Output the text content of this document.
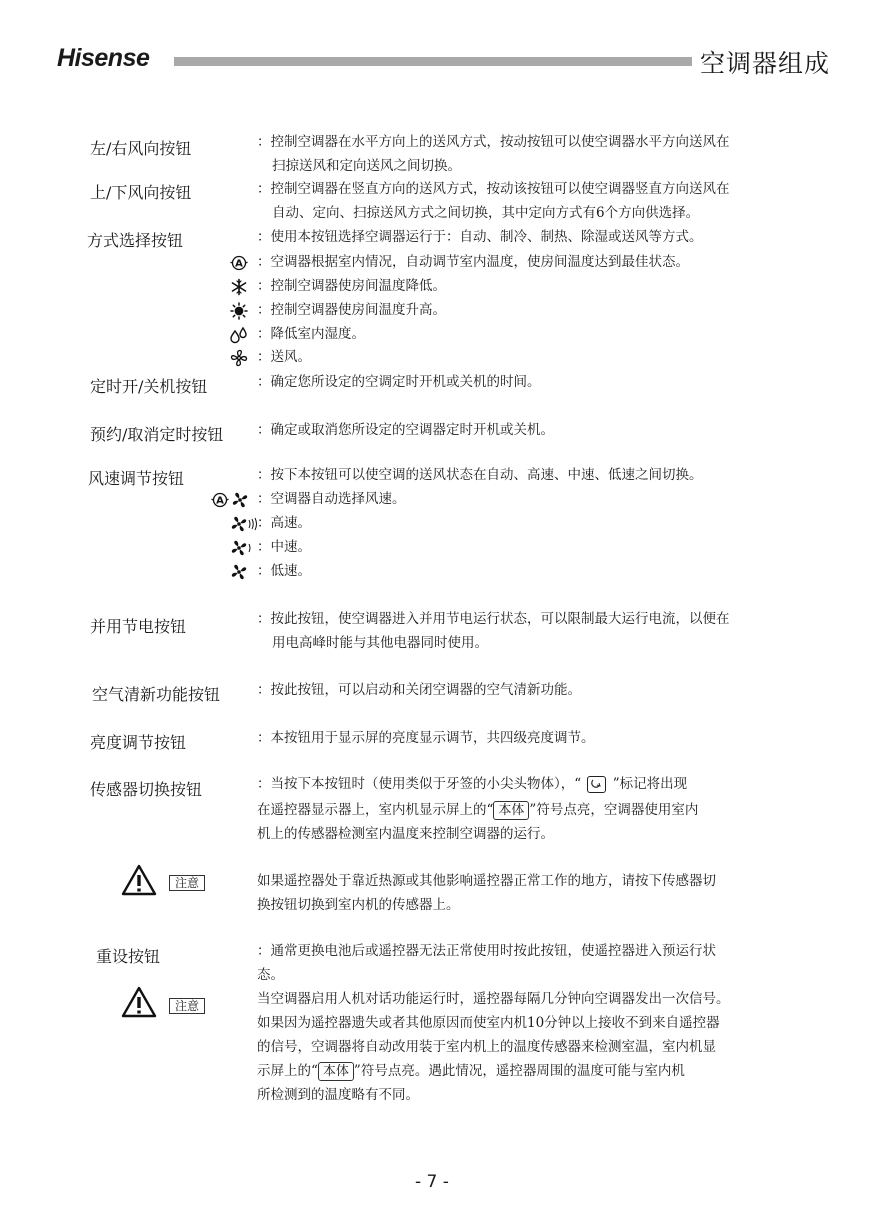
Hisense	空调器组成
左/右风向按钮	：控制空调器在水平方向上的送风方式，按动按钮可以使空调器水平方向送风在
扫掠送风和定向送风之间切换。
上/下风向按钮	：控制空调器在竖直方向的送风方式，按动该按钮可以使空调器竖直方向送风在
自动、定向、扫掠送风方式之间切换，其中定向方式有6个方向供选择。
方式选择按钮	：使用本按钮选择空调器运行于：自动、制冷、制热、除湿或送风等方式。
A ：空调器根据室内情况，自动调节室内温度，使房间温度达到最佳状态。
：控制空调器使房间温度降低。
：控制空调器使房间温度升高。
：降低室内湿度。
：送风。
定时开/关机按钮	：确定您所设定的空调定时开机或关机的时间。
预约/取消定时按钮 ：确定或取消您所设定的空调器定时开机或关机。
风速调节按钮	：按下本按钮可以使空调的送风状态在自动、高速、中速、低速之间切换。
A ：空调器自动选择风速。
：高速。
：中速。
：低速。
并用节电按钮	：按此按钮，使空调器进入并用节电运行状态，可以限制最大运行电流，以便在
用电高峰时能与其他电器同时使用。
空气清新功能按钮	：按此按钮，可以启动和关闭空调器的空气清新功能。
亮度调节按钮	：本按钮用于显示屏的亮度显示调节，共四级亮度调节。
传感器切换按钮	：当按下本按钮时（使用类似于牙签的小尖头物体），“ ”标记将出现
在遥控器显示器上，室内机显示屏上的“ 本体 ”符号点亮，空调器使用室内
机上的传感器检测室内温度来控制空调器的运行。
注意	如果遥控器处于靠近热源或其他影响遥控器正常工作的地方，请按下传感器切
换按钮切换到室内机的传感器上。
重设按钮	：通常更换电池后或遥控器无法正常使用时按此按钮，使遥控器进入预运行状
态。
注意	当空调器启用人机对话功能运行时，遥控器每隔几分钟向空调器发出一次信号。
如果因为遥控器遗失或者其他原因而使室内机10分钟以上接收不到来自遥控器
的信号，空调器将自动改用装于室内机上的温度传感器来检测室温，室内机显
示屏上的“ 本体 ”符号点亮。遇此情况，遥控器周围的温度可能与室内机
所检测到的温度略有不同。
- 7 -
